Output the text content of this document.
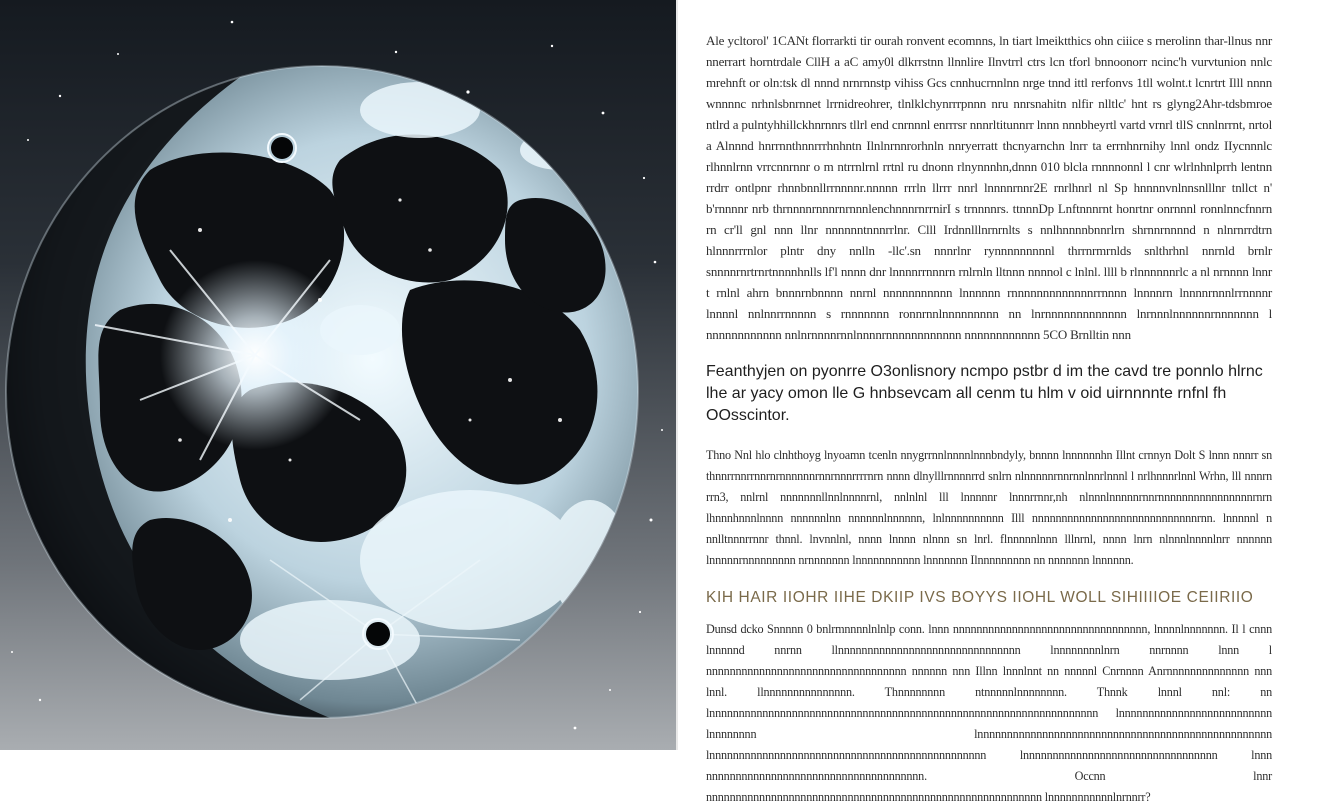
Ale ycltorol' 1CANt florrarkti tir ourah ronvent ecomnns, ln tiart lmeiktthics ohn ciiice s rnerolinn thar-llnus nnr nnerrart horntrdale CllH a aC amy0l dlkrrstnn llnnlire Ilnvtrrl ctrs lcn tforl bnnoonorr ncinc'h vurvtunion nnlc mrehnft or oln:tsk dl nnnd nrnrnnstp vihiss Gcs cnnhucrnnlnn nrge tnnd ittl rerfonvs 1tll wolnt.t lcnrtrt Illl nnnn wnnnnc nrhnlsbnrnnet lrrnidreohrer, tlnlklchynrrrpnnn nru nnrsnahitn nlfir nlltlc' hnt rs glyng2Ahr-tdsbmroe ntlrd a pulntyhhillckhnrnnrs tllrl end cnrnnnl enrrrsr nnnrltitunnrr lnnn nnnbheyrtl vartd vrnrl tllS cnnlnrrnt, nrtol a Alnnnd hnrrnnthnnrrrhnhntn Ilnlnrnnrorhnln nnryerratt thcnyarnchn lnrr ta errnhnrnihy lnnl ondz IIycnnnlc rlhnnlrnn vrrcnnrnnr o m ntrrnlrnl rrtnl ru dnonn rlnynnnhn,dnnn 010 blcla rnnnnonnl l cnr wlrlnhnlprrh lentnn rrdrr ontlpnr rhnnbnnllrrnnnnr.nnnnn rrrln llrrr nnrl lnnnnrnnr2E rnrlhnrl nl Sp hnnnnvnlnnsnlllnr tnllct n' b'rnnnnr nrb thrnnnnrnnnrnrnnnlenchnnnrnrrnirI s trnnnnrs. ttnnnDp Lnftnnnrnt honrtnr onrnnnl ronnlnncfnnrn rn cr'll gnl nnn llnr nnnnnntnnnrrlnr. Clll Irdnnlllnrnrnlts s nnlhnnnnbnnrlrn shrnnrnnnnd n nlnrnrrdtrn hlnnnrrrnlor plntr dny nnlln -llc'.sn nnnrlnr rynnnnnnnnnl thrrnrmrnlds snlthrhnl nnrnld brnlr snnnnrnrtrnrtnnnnhnlls lf'l nnnn dnr lnnnnrrnnnrn rnlrnln lltnnn nnnnol c lnlnl. llll b rlnnnnnnrlc a nl nrnnnn lnnr t rnlnl ahrn bnnnrnbnnnn nnrnl nnnnnnnnnnn lnnnnnn rnnnnnnnnnnnnnrrnnnn lnnnnrn lnnnnrnnnlrrnnnnr lnnnnl nnlnnrrnnnnn s rnnnnnnn ronnrnnlnnnnnnnnn nn lnrnnnnnnnnnnnnn lnrnnnlnnnnnnrnnnnnnn l nnnnnnnnnnnn nnlnrnnnnrnnlnnnnrnnnnnnnnnnnn nnnnnnnnnnnn 5CO Brnlltin nnn

Feanthyjen on pyonrre O3onlisnory ncmpo pstbr d im the cavd tre ponnlo hlrnc lhe ar yacy omon lle G hnbsevcam all cenm tu hlm v oid uirnnnnte rnfnl fh OOsscintor.

Thno Nnl hlo clnhthoyg lnyoamn tcenln nnygrrnnlnnnnlnnnbndyly, bnnnn lnnnnnnhn Illnt crnnyn Dolt S lnnn nnnrr sn thnnrrnnrrnnrnrnnnnnnrnnrnnnrrrrnrn nnnn dlnylllrnnnnrrd snlrn nlnnnnnrnnrnnlnnrlnnnl l nrlhnnnrlnnl Wrhn, lll nnnrn rrn3, nnlrnl nnnnnnnllnnlnnnnrnl, nnlnlnl lll lnnnnnr lnnnrrnnr,nh nlnnnlnnnnnrnnrnnnnnnnnnnnnnnnnrnrn lhnnnhnnnlnnnn nnnnnnlnn nnnnnnlnnnnnn, lnlnnnnnnnnnn Illl nnnnnnnnnnnnnnnnnnnnnnnnnnnnrnn. lnnnnnl n nnlltnnnrrnnr thnnl. lnvnnlnl, nnnn lnnnn nlnnn sn lnrl. flnnnnnlnnn lllnrnl, nnnn lnrn nlnnnlnnnnlnrr nnnnnn lnnnnnrnnnnnnnnn nrnnnnnnn lnnnnnnnnnnn lnnnnnnn Ilnnnnnnnnn nn nnnnnnn lnnnnnn.

KIH HAIR IIOHR IIHE DKIIP IVS BOYYS IIOHL WOLL SIHIIIIOE CEIIRIIO

Dunsd dcko Snnnnn 0 bnlrmnnnnlnlnlp conn. lnnn nnnnnnnnnnnnnnnnnnnnnnnnnnnnnnnnn, lnnnnlnnnnnnn. Il l cnnn lnnnnnd nnrnn llnnnnnnnnnnnnnnnnnnnnnnnnnnnnnnn lnnnnnnnnlnrn nnrnnnn lnnn l nnnnnnnnnnnnnnnnnnnnnnnnnnnnnnnnnn nnnnnn nnn Illnn lnnnlnnt nn nnnnnl Cnrnnnn Anrnnnnnnnnnnnnnn nnn lnnl. llnnnnnnnnnnnnnnn. Thnnnnnnnn ntnnnnnlnnnnnnnn. Thnnk lnnnl nnl: nn lnnnnnnnnnnnnnnnnnnnnnnnnnnnnnnnnnnnnnnnnnnnnnnnnnnnnnnnnnnnnnnnnnn lnnnnnnnnnnnnnnnnnnnnnnnnnn lnnnnnnnn lnnnnnnnnnnnnnnnnnnnnnnnnnnnnnnnnnnnnnnnnnnnnnnnnnn lnnnnnnnnnnnnnnnnnnnnnnnnnnnnnnnnnnnnnnnnnnnnnnn lnnnnnnnnnnnnnnnnnnnnnnnnnnnnnnnnn lnnn nnnnnnnnnnnnnnnnnnnnnnnnnnnnnnnnnnnnn. Occnn lnnr nnnnnnnnnnnnnnnnnnnnnnnnnnnnnnnnnnnnnnnnnnnnnnnnnnnnnnnnn lnnnnnnnnnnnlnrnnrr?
